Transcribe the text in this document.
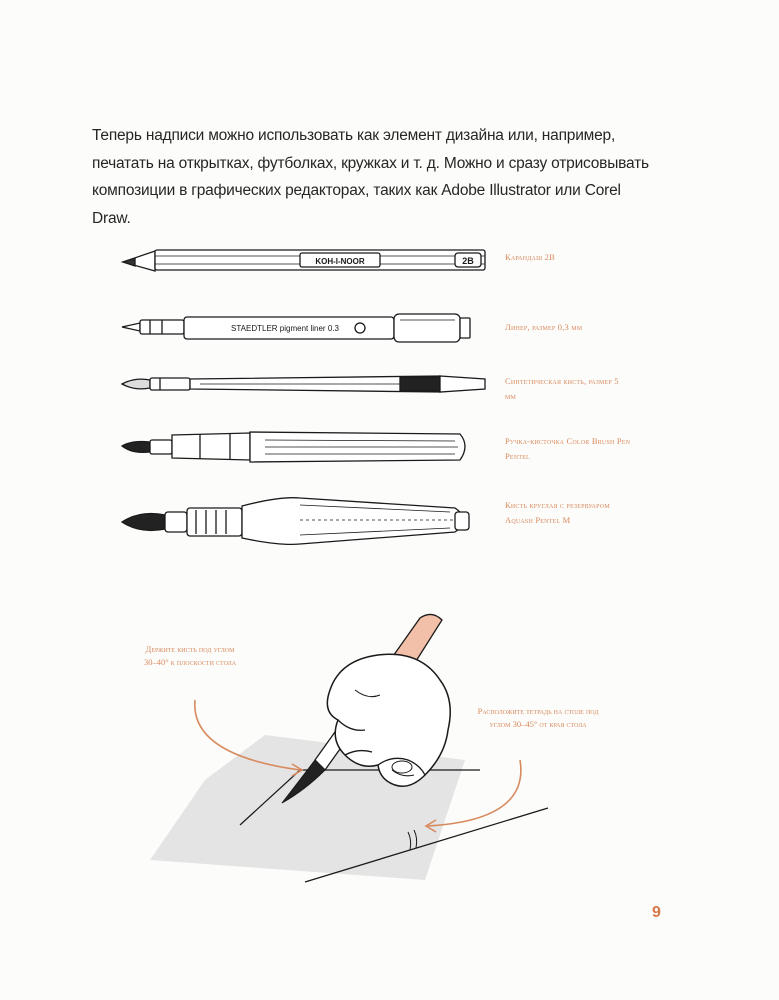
Теперь надписи можно использовать как элемент дизайна или, например, печатать на открытках, футболках, кружках и т. д. Можно и сразу отрисовывать композиции в графических редакторах, таких как Adobe Illustrator или Corel Draw.

KOH-I-NOOR	2B
STAEDTLER pigment liner 0.3

Карандаш 2B

Линер, размер 0,3 мм

Синтетическая кисть, размер 5 мм

Ручка-кисточка Color Brush Pen Pentel

Кисть круглая с резервуаром Aquash Pentel M

Держите кисть под углом 30–40° к плоскости стола

Расположите тетрадь на столе под углом 30–45° от края стола

9
